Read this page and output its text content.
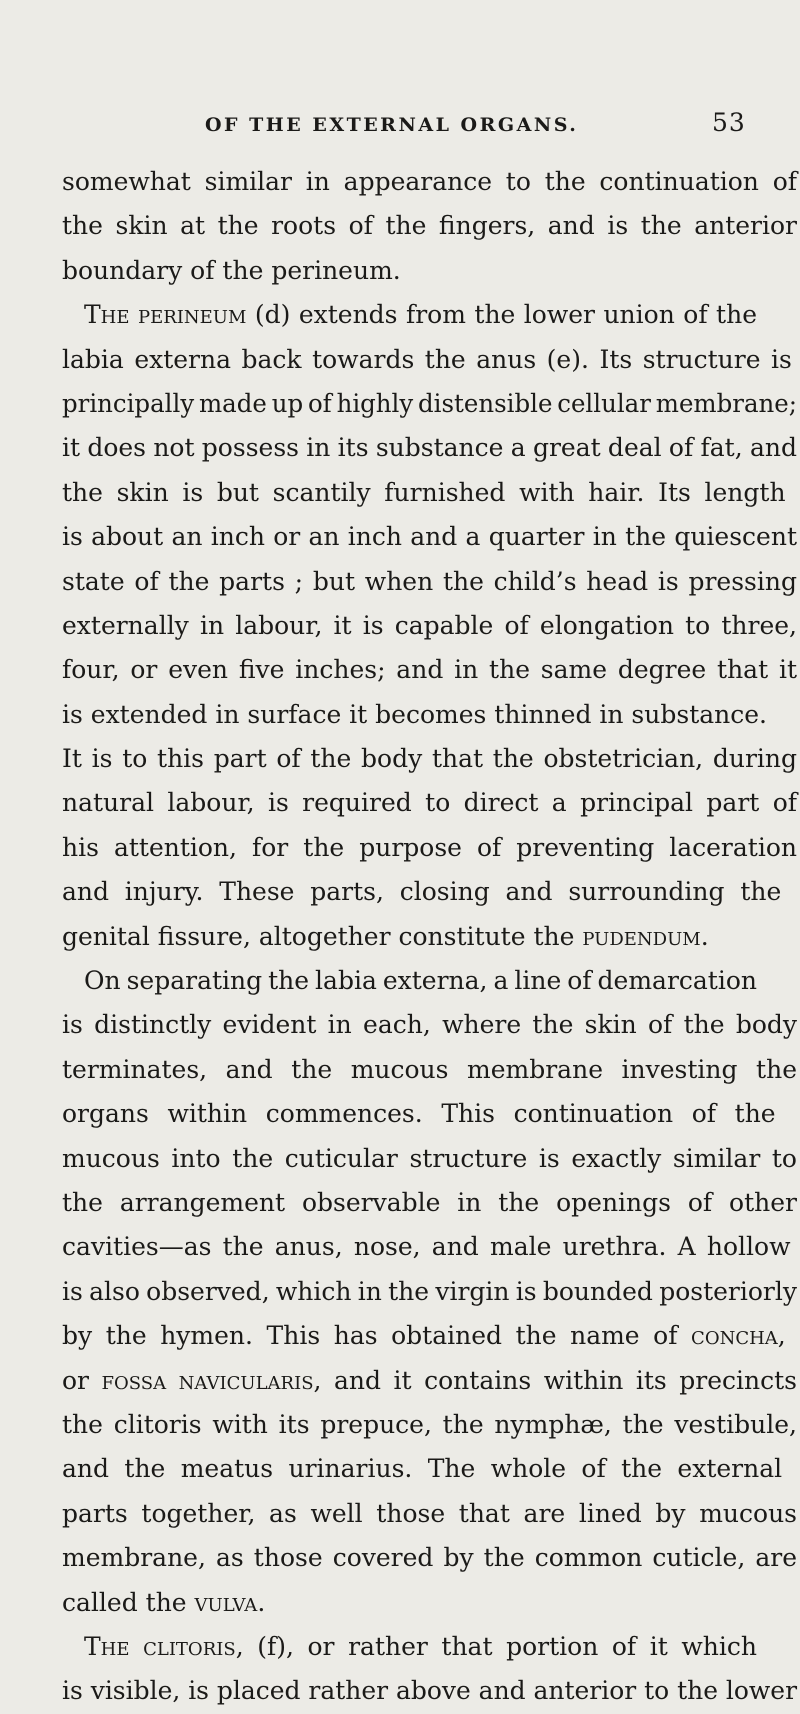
OF THE EXTERNAL ORGANS.	53
somewhat similar in appearance to the continuation of
the skin at the roots of the fingers, and is the anterior
boundary of the perineum.
The perineum (d) extends from the lower union of the
labia externa back towards the anus (e). Its structure is
principally made up of highly distensible cellular membrane;
it does not possess in its substance a great deal of fat, and
the skin is but scantily furnished with hair. Its length
is about an inch or an inch and a quarter in the quiescent
state of the parts ; but when the child’s head is pressing
externally in labour, it is capable of elongation to three,
four, or even five inches; and in the same degree that it
is extended in surface it becomes thinned in substance.
It is to this part of the body that the obstetrician, during
natural labour, is required to direct a principal part of
his attention, for the purpose of preventing laceration
and injury. These parts, closing and surrounding the
genital fissure, altogether constitute the pudendum.
On separating the labia externa, a line of demarcation
is distinctly evident in each, where the skin of the body
terminates, and the mucous membrane investing the
organs within commences. This continuation of the
mucous into the cuticular structure is exactly similar to
the arrangement observable in the openings of other
cavities—as the anus, nose, and male urethra. A hollow
is also observed, which in the virgin is bounded posteriorly
by the hymen. This has obtained the name of concha,
or fossa navicularis, and it contains within its precincts
the clitoris with its prepuce, the nymphæ, the vestibule,
and the meatus urinarius. The whole of the external
parts together, as well those that are lined by mucous
membrane, as those covered by the common cuticle, are
called the vulva.
The clitoris, (f), or rather that portion of it which
is visible, is placed rather above and anterior to the lower
